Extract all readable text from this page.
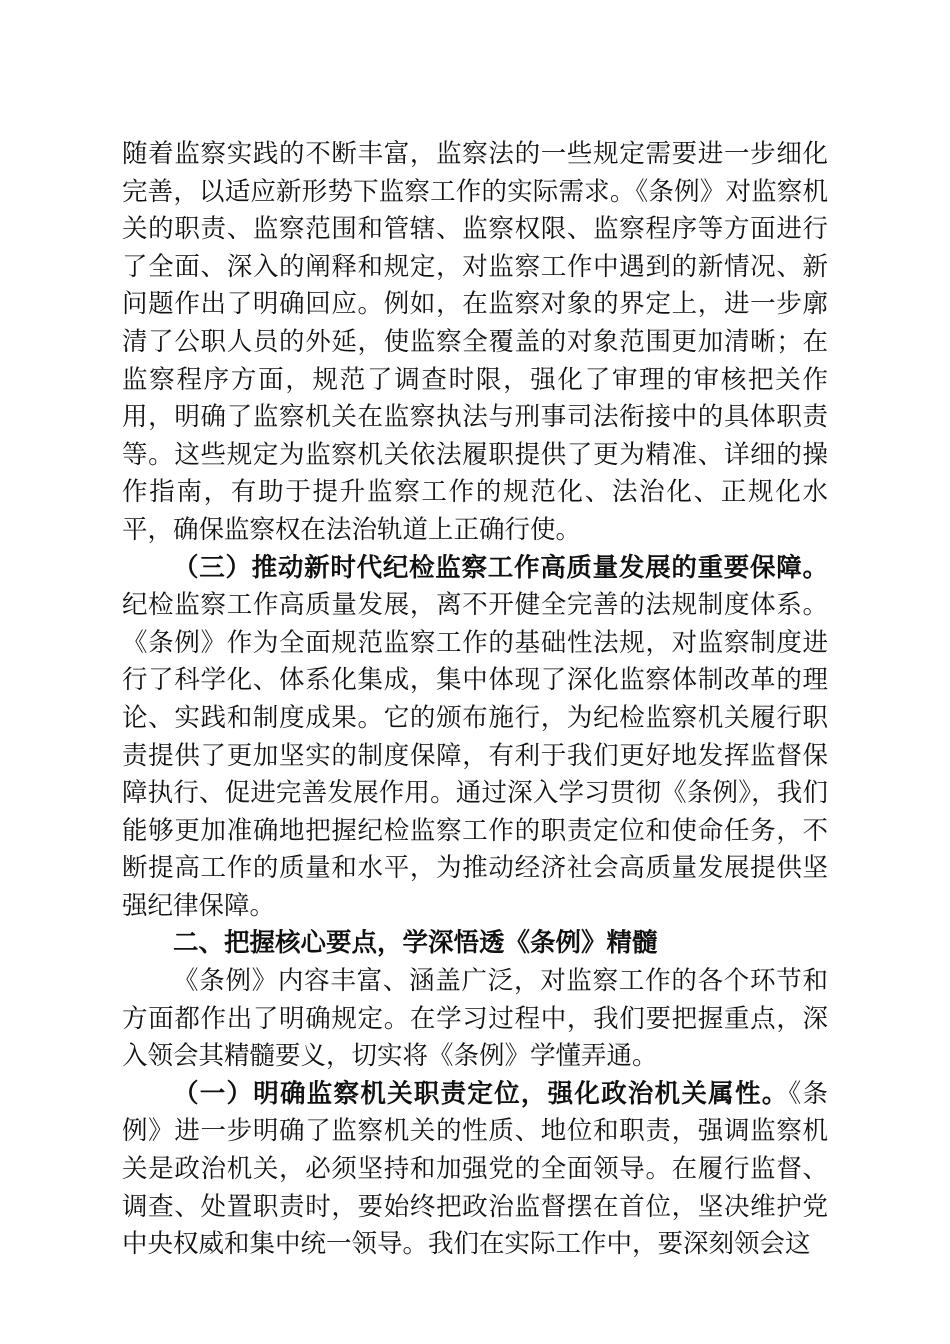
随着监察实践的不断丰富，监察法的一些规定需要进一步细化完善，以适应新形势下监察工作的实际需求。《条例》对监察机关的职责、监察范围和管辖、监察权限、监察程序等方面进行了全面、深入的阐释和规定，对监察工作中遇到的新情况、新问题作出了明确回应。例如，在监察对象的界定上，进一步廓清了公职人员的外延，使监察全覆盖的对象范围更加清晰；在监察程序方面，规范了调查时限，强化了审理的审核把关作用，明确了监察机关在监察执法与刑事司法衔接中的具体职责等。这些规定为监察机关依法履职提供了更为精准、详细的操作指南，有助于提升监察工作的规范化、法治化、正规化水平，确保监察权在法治轨道上正确行使。

（三）推动新时代纪检监察工作高质量发展的重要保障。纪检监察工作高质量发展，离不开健全完善的法规制度体系。《条例》作为全面规范监察工作的基础性法规，对监察制度进行了科学化、体系化集成，集中体现了深化监察体制改革的理论、实践和制度成果。它的颁布施行，为纪检监察机关履行职责提供了更加坚实的制度保障，有利于我们更好地发挥监督保障执行、促进完善发展作用。通过深入学习贯彻《条例》，我们能够更加准确地把握纪检监察工作的职责定位和使命任务，不断提高工作的质量和水平，为推动经济社会高质量发展提供坚强纪律保障。

二、把握核心要点，学深悟透《条例》精髓

《条例》内容丰富、涵盖广泛，对监察工作的各个环节和方面都作出了明确规定。在学习过程中，我们要把握重点，深入领会其精髓要义，切实将《条例》学懂弄通。

（一）明确监察机关职责定位，强化政治机关属性。《条例》进一步明确了监察机关的性质、地位和职责，强调监察机关是政治机关，必须坚持和加强党的全面领导。在履行监督、调查、处置职责时，要始终把政治监督摆在首位，坚决维护党中央权威和集中统一领导。我们在实际工作中，要深刻领会这
